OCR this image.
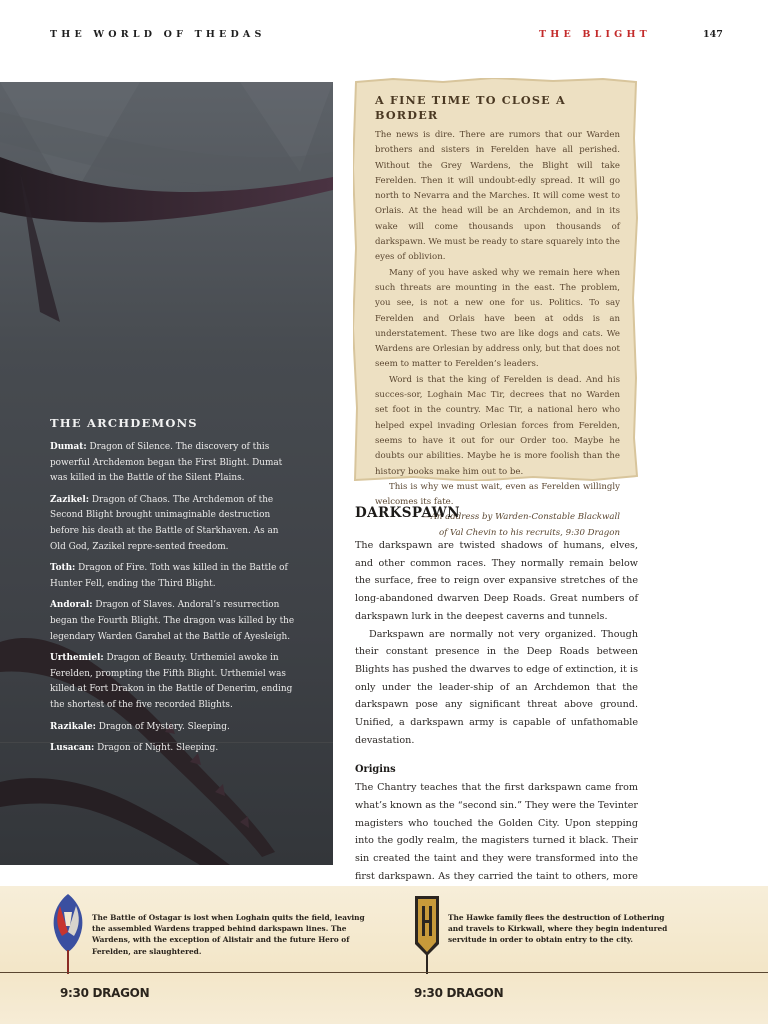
THE WORLD OF THEDAS	THE BLIGHT	147
THE ARCHDEMONS

Dumat: Dragon of Silence. The discovery of this powerful Archdemon began the First Blight. Dumat was killed in the Battle of the Silent Plains.

Zazikel: Dragon of Chaos. The Archdemon of the Second Blight brought unimaginable destruction before his death at the Battle of Starkhaven. As an Old God, Zazikel repre-sented freedom.

Toth: Dragon of Fire. Toth was killed in the Battle of Hunter Fell, ending the Third Blight.

Andoral: Dragon of Slaves. Andoral’s resurrection began the Fourth Blight. The dragon was killed by the legendary Warden Garahel at the Battle of Ayesleigh.

Urthemiel: Dragon of Beauty. Urthemiel awoke in Ferelden, prompting the Fifth Blight. Urthemiel was killed at Fort Drakon in the Battle of Denerim, ending the shortest of the five recorded Blights.

Razikale: Dragon of Mystery. Sleeping.

Lusacan: Dragon of Night. Sleeping.

A FINE TIME TO CLOSE A BORDER

The news is dire. There are rumors that our Warden brothers and sisters in Ferelden have all perished. Without the Grey Wardens, the Blight will take Ferelden. Then it will undoubt-edly spread. It will go north to Nevarra and the Marches. It will come west to Orlais. At the head will be an Archdemon, and in its wake will come thousands upon thousands of darkspawn. We must be ready to stare squarely into the eyes of oblivion.

Many of you have asked why we remain here when such threats are mounting in the east. The problem, you see, is not a new one for us. Politics. To say Ferelden and Orlais have been at odds is an understatement. These two are like dogs and cats. We Wardens are Orlesian by address only, but that does not seem to matter to Ferelden’s leaders.

Word is that the king of Ferelden is dead. And his succes-sor, Loghain Mac Tir, decrees that no Warden set foot in the country. Mac Tir, a national hero who helped expel invading Orlesian forces from Ferelden, seems to have it out for our Order too. Maybe he doubts our abilities. Maybe he is more foolish than the history books make him out to be.

This is why we must wait, even as Ferelden willingly welcomes its fate.

—An address by Warden-Constable Blackwall

of Val Chevin to his recruits, 9:30 Dragon

DARKSPAWN

The darkspawn are twisted shadows of humans, elves, and other common races. They normally remain below the surface, free to reign over expansive stretches of the long-abandoned dwarven Deep Roads. Great numbers of darkspawn lurk in the deepest caverns and tunnels.

Darkspawn are normally not very organized. Though their constant presence in the Deep Roads between Blights has pushed the dwarves to edge of extinction, it is only under the leader-ship of an Archdemon that the darkspawn pose any significant threat above ground. Unified, a darkspawn army is capable of unfathomable devastation.

Origins

The Chantry teaches that the first darkspawn came from what’s known as the “second sin.” They were the Tevinter magisters who touched the Golden City. Upon stepping into the godly realm, the magisters turned it black. Their sin created the taint and they were transformed into the first darkspawn. As they carried the taint to others, more

The Battle of Ostagar is lost when Loghain quits the field, leaving the assembled Wardens trapped behind darkspawn lines. The Wardens, with the exception of Alistair and the future Hero of Ferelden, are slaughtered.
The Hawke family flees the destruction of Lothering and travels to Kirkwall, where they begin indentured servitude in order to obtain entry to the city.
9:30 DRAGON	9:30 DRAGON
